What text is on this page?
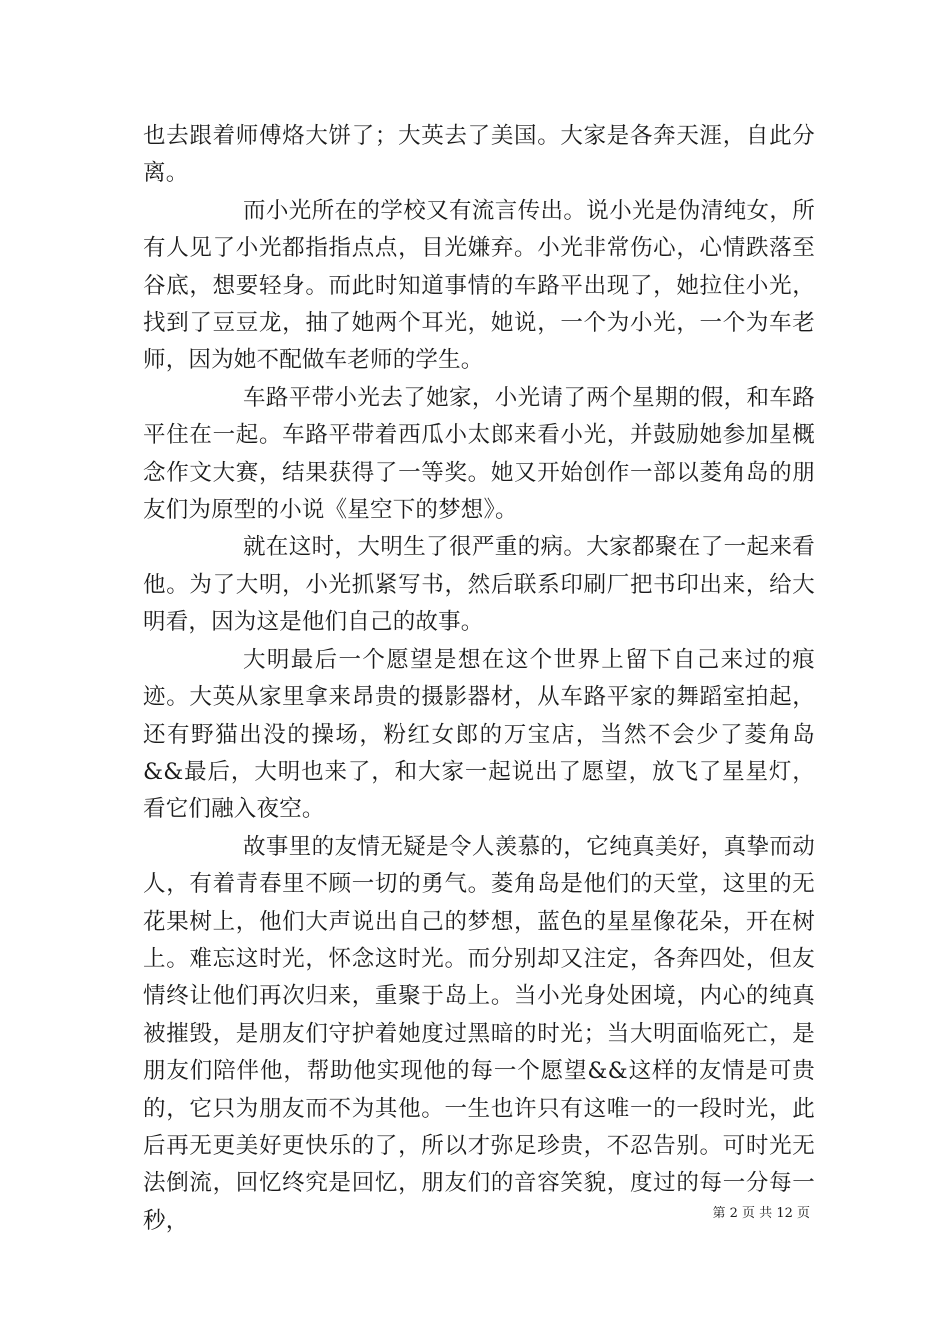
也去跟着师傅烙大饼了；大英去了美国。大家是各奔天涯，自此分离。

而小光所在的学校又有流言传出。说小光是伪清纯女，所有人见了小光都指指点点，目光嫌弃。小光非常伤心，心情跌落至谷底，想要轻身。而此时知道事情的车路平出现了，她拉住小光，找到了豆豆龙，抽了她两个耳光，她说，一个为小光，一个为车老师，因为她不配做车老师的学生。

车路平带小光去了她家，小光请了两个星期的假，和车路平住在一起。车路平带着西瓜小太郎来看小光，并鼓励她参加星概念作文大赛，结果获得了一等奖。她又开始创作一部以菱角岛的朋友们为原型的小说《星空下的梦想》。

就在这时，大明生了很严重的病。大家都聚在了一起来看他。为了大明，小光抓紧写书，然后联系印刷厂把书印出来，给大明看，因为这是他们自己的故事。

大明最后一个愿望是想在这个世界上留下自己来过的痕迹。大英从家里拿来昂贵的摄影器材，从车路平家的舞蹈室拍起，还有野猫出没的操场，粉红女郎的万宝店，当然不会少了菱角岛&&最后，大明也来了，和大家一起说出了愿望，放飞了星星灯，看它们融入夜空。

故事里的友情无疑是令人羡慕的，它纯真美好，真挚而动人，有着青春里不顾一切的勇气。菱角岛是他们的天堂，这里的无花果树上，他们大声说出自己的梦想，蓝色的星星像花朵，开在树上。难忘这时光，怀念这时光。而分别却又注定，各奔四处，但友情终让他们再次归来，重聚于岛上。当小光身处困境，内心的纯真被摧毁，是朋友们守护着她度过黑暗的时光；当大明面临死亡，是朋友们陪伴他，帮助他实现他的每一个愿望&&这样的友情是可贵的，它只为朋友而不为其他。一生也许只有这唯一的一段时光，此后再无更美好更快乐的了，所以才弥足珍贵，不忍告别。可时光无法倒流，回忆终究是回忆，朋友们的音容笑貌，度过的每一分每一秒，	第 2 页 共 12 页
